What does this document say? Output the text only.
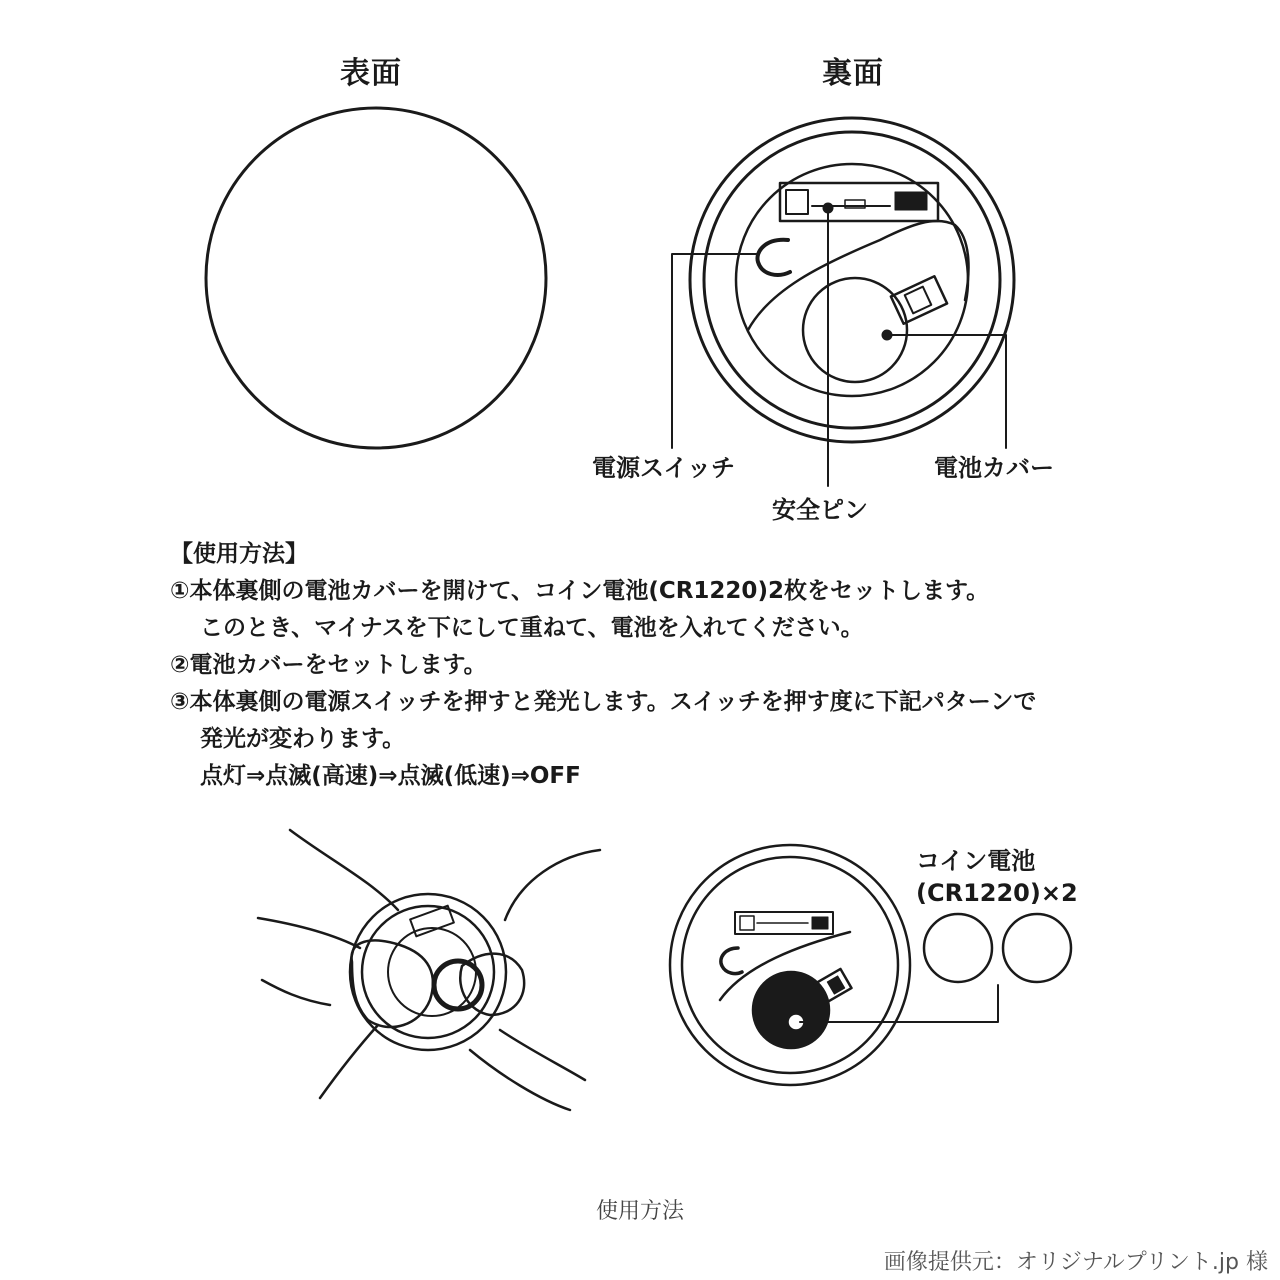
表面	裏面
電源スイッチ
安全ピン
電池カバー
【使用方法】
①本体裏側の電池カバーを開けて、コイン電池(CR1220)2枚をセットします。
このとき、マイナスを下にして重ねて、電池を入れてください。
②電池カバーをセットします。
③本体裏側の電源スイッチを押すと発光します。スイッチを押す度に下記パターンで
発光が変わります。
点灯⇒点滅(高速)⇒点滅(低速)⇒OFF
コイン電池
(CR1220)×2
使用方法
画像提供元：オリジナルプリント.jp 様
